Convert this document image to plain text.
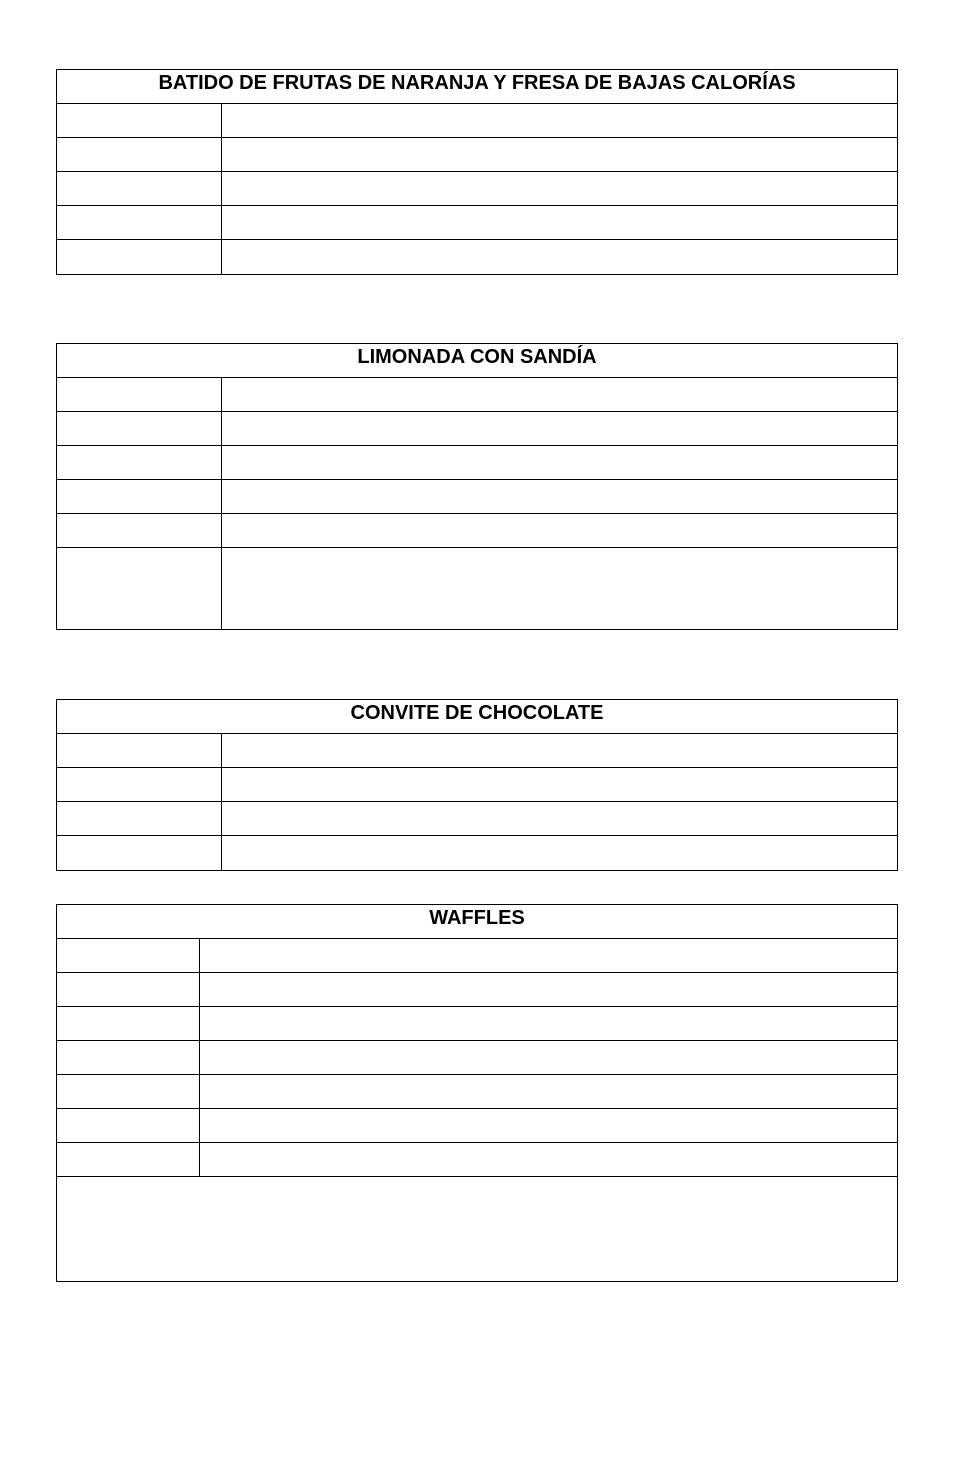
BATIDO DE FRUTAS DE NARANJA Y FRESA DE BAJAS CALORÍAS
LIMONADA CON SANDÍA
CONVITE DE CHOCOLATE
WAFFLES
